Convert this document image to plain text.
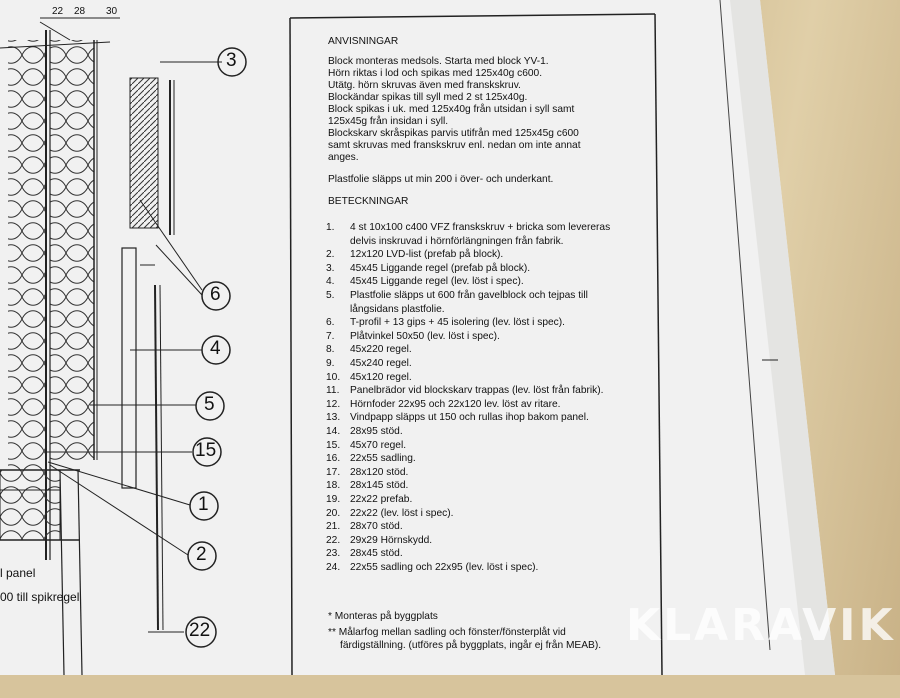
22 28 30
3
6
4
5
15
1
2
22
l panel
00 till spikregel
ANVISNINGAR
Block monteras medsols. Starta med block YV-1.
Hörn riktas i lod och spikas med 125x40g c600.
Utätg. hörn skruvas även med franskskruv.
Blockändar spikas till syll med 2 st 125x40g.
Block spikas i uk. med 125x40g från utsidan i syll samt
125x45g från insidan i syll.
Blockskarv skråspikas parvis utifrån med 125x45g c600
samt skruvas med franskskruv enl. nedan om inte annat
anges.
Plastfolie släpps ut min 200 i över- och underkant.
BETECKNINGAR
1. 4 st 10x100 c400 VFZ franskskruv + bricka som levereras
delvis inskruvad i hörnförlängningen från fabrik.
2. 12x120 LVD-list (prefab på block).
3. 45x45 Liggande regel (prefab på block).
4. 45x45 Liggande regel (lev. löst i spec).
5. Plastfolie släpps ut 600 från gavelblock och tejpas till
långsidans plastfolie.
6. T-profil + 13 gips + 45 isolering (lev. löst i spec).
7. Plåtvinkel 50x50 (lev. löst i spec).
8. 45x220 regel.
9. 45x240 regel.
10. 45x120 regel.
11. Panelbrädor vid blockskarv trappas (lev. löst från fabrik).
12. Hörnfoder 22x95 och 22x120 lev. löst av ritare.
13. Vindpapp släpps ut 150 och rullas ihop bakom panel.
14. 28x95 stöd.
15. 45x70 regel.
16. 22x55 sadling.
17. 28x120 stöd.
18. 28x145 stöd.
19. 22x22 prefab.
20. 22x22 (lev. löst i spec).
21. 28x70 stöd.
22. 29x29 Hörnskydd.
23. 28x45 stöd.
24. 22x55 sadling och 22x95 (lev. löst i spec).
* Monteras på byggplats
** Målarfog mellan sadling och fönster/fönsterplåt vid
färdigställning. (utföres på byggplats, ingår ej från MEAB). KLARAVIK
